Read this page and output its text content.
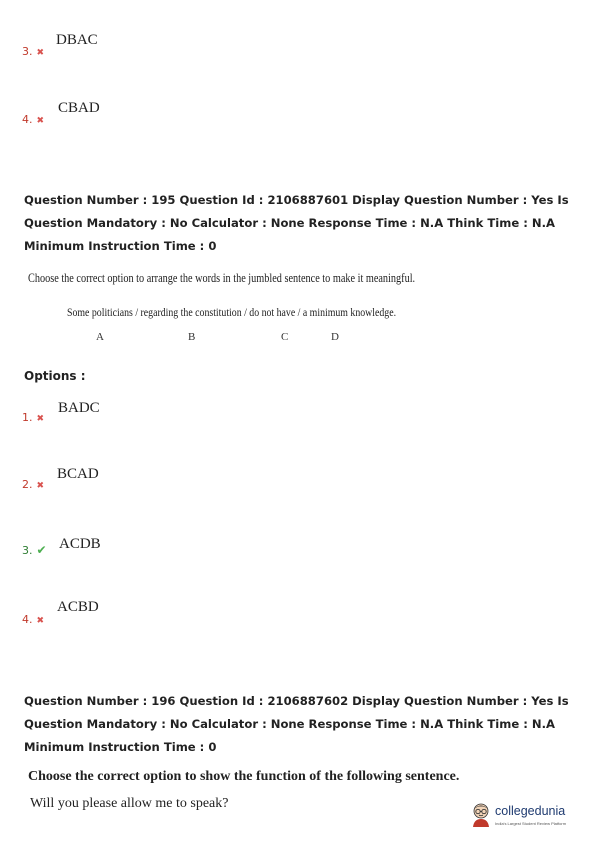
DBAC
3. ✖
CBAD
4. ✖
Question Number : 195 Question Id : 2106887601 Display Question Number : Yes Is Question Mandatory : No Calculator : None Response Time : N.A Think Time : N.A Minimum Instruction Time : 0
Choose the correct option to arrange the words in the jumbled sentence to make it meaningful.
Some politicians / regarding the constitution / do not have / a minimum knowledge.
A	B	C	D
Options :
BADC
1. ✖
BCAD
2. ✖
ACDB
3. ✔
ACBD
4. ✖
Question Number : 196 Question Id : 2106887602 Display Question Number : Yes Is Question Mandatory : No Calculator : None Response Time : N.A Think Time : N.A Minimum Instruction Time : 0
Choose the correct option to show the function of the following sentence.
Will you please allow me to speak?	collegedunia
India's Largest Student Review Platform
